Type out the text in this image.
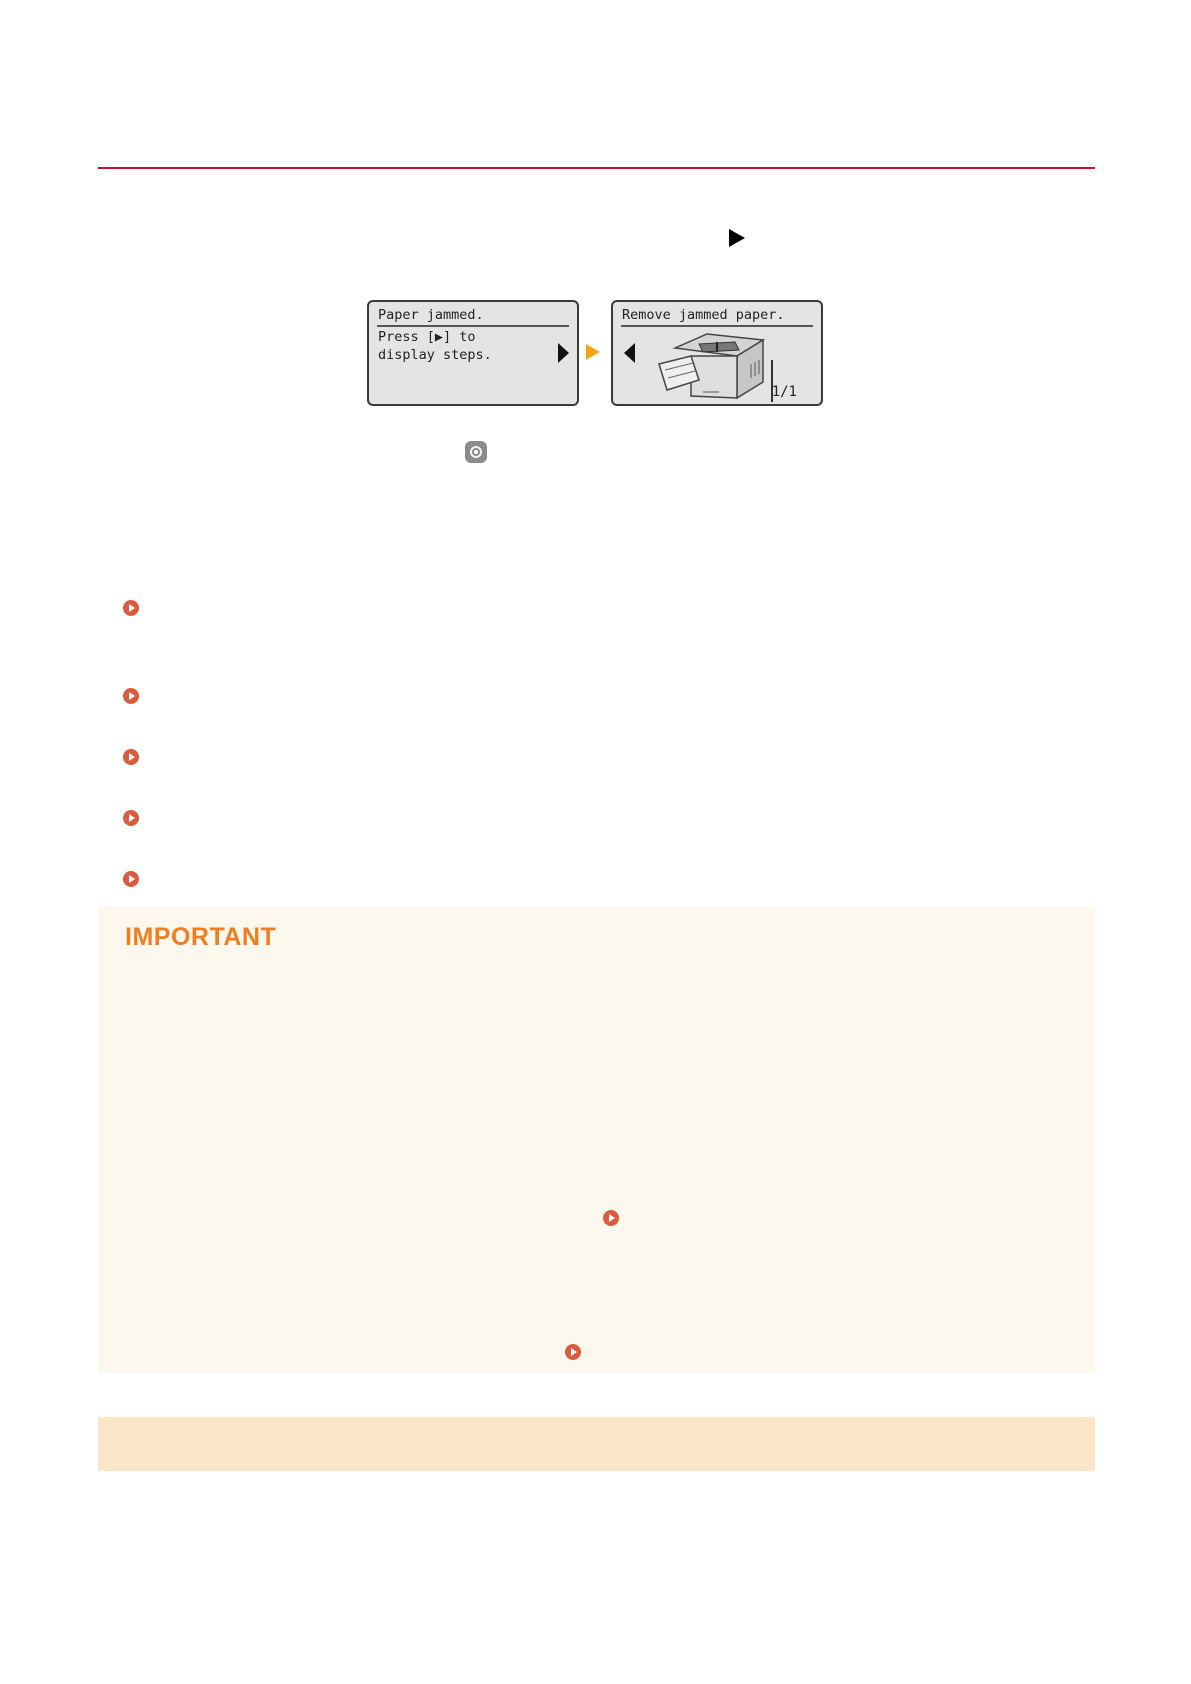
Paper jammed.
Press [▶] to
display steps.
Remove jammed paper.
1/1
IMPORTANT
